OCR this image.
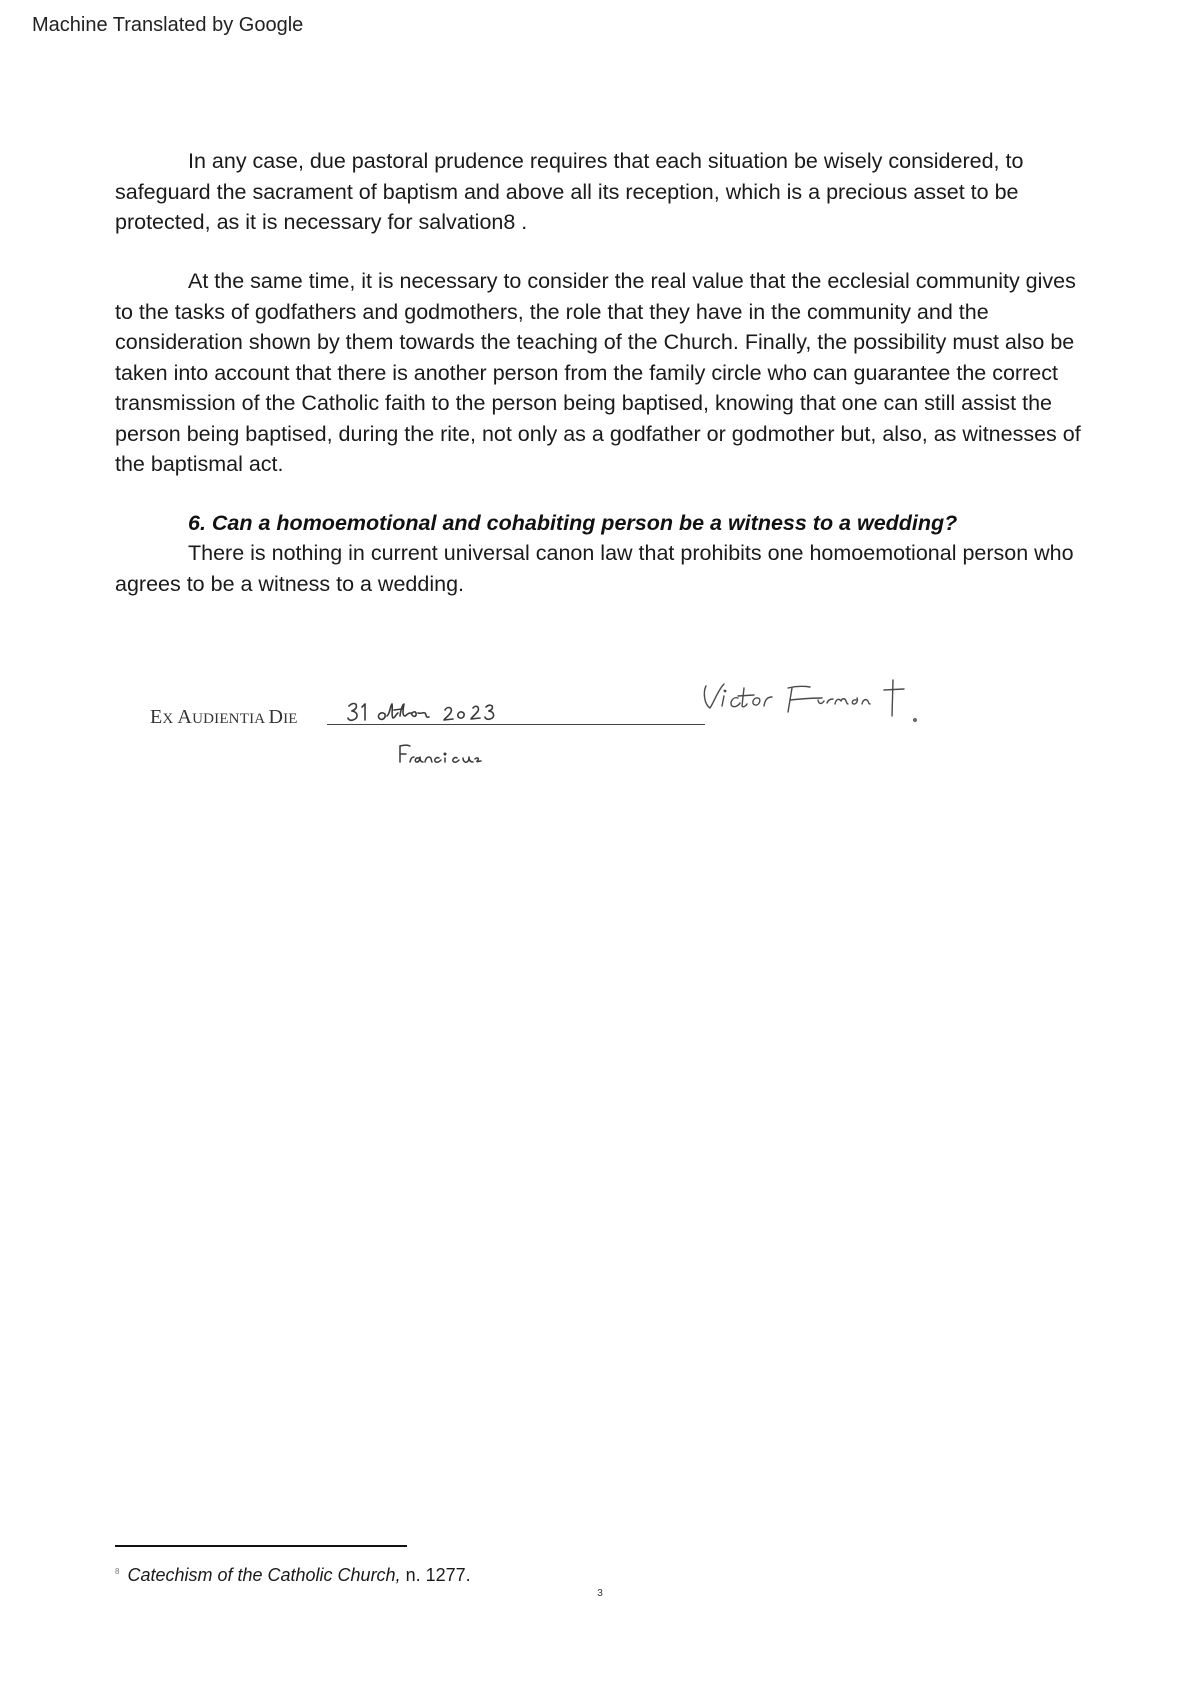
Machine Translated by Google

In any case, due pastoral prudence requires that each situation be wisely considered, to safeguard the sacrament of baptism and above all its reception, which is a precious asset to be protected, as it is necessary for salvation8 .

At the same time, it is necessary to consider the real value that the ecclesial community gives to the tasks of godfathers and godmothers, the role that they have in the community and the consideration shown by them towards the teaching of the Church. Finally, the possibility must also be taken into account that there is another person from the family circle who can guarantee the correct transmission of the Catholic faith to the person being baptised, knowing that one can still assist the person being baptised, during the rite, not only as a godfather or godmother but, also, as witnesses of the baptismal act.

6. Can a homoemotional and cohabiting person be a witness to a wedding?

There is nothing in current universal canon law that prohibits one homoemotional person who agrees to be a witness to a wedding.

EX AUDIENTIA DIE
$^8$ Catechism of the Catholic Church, n. 1277.
3
